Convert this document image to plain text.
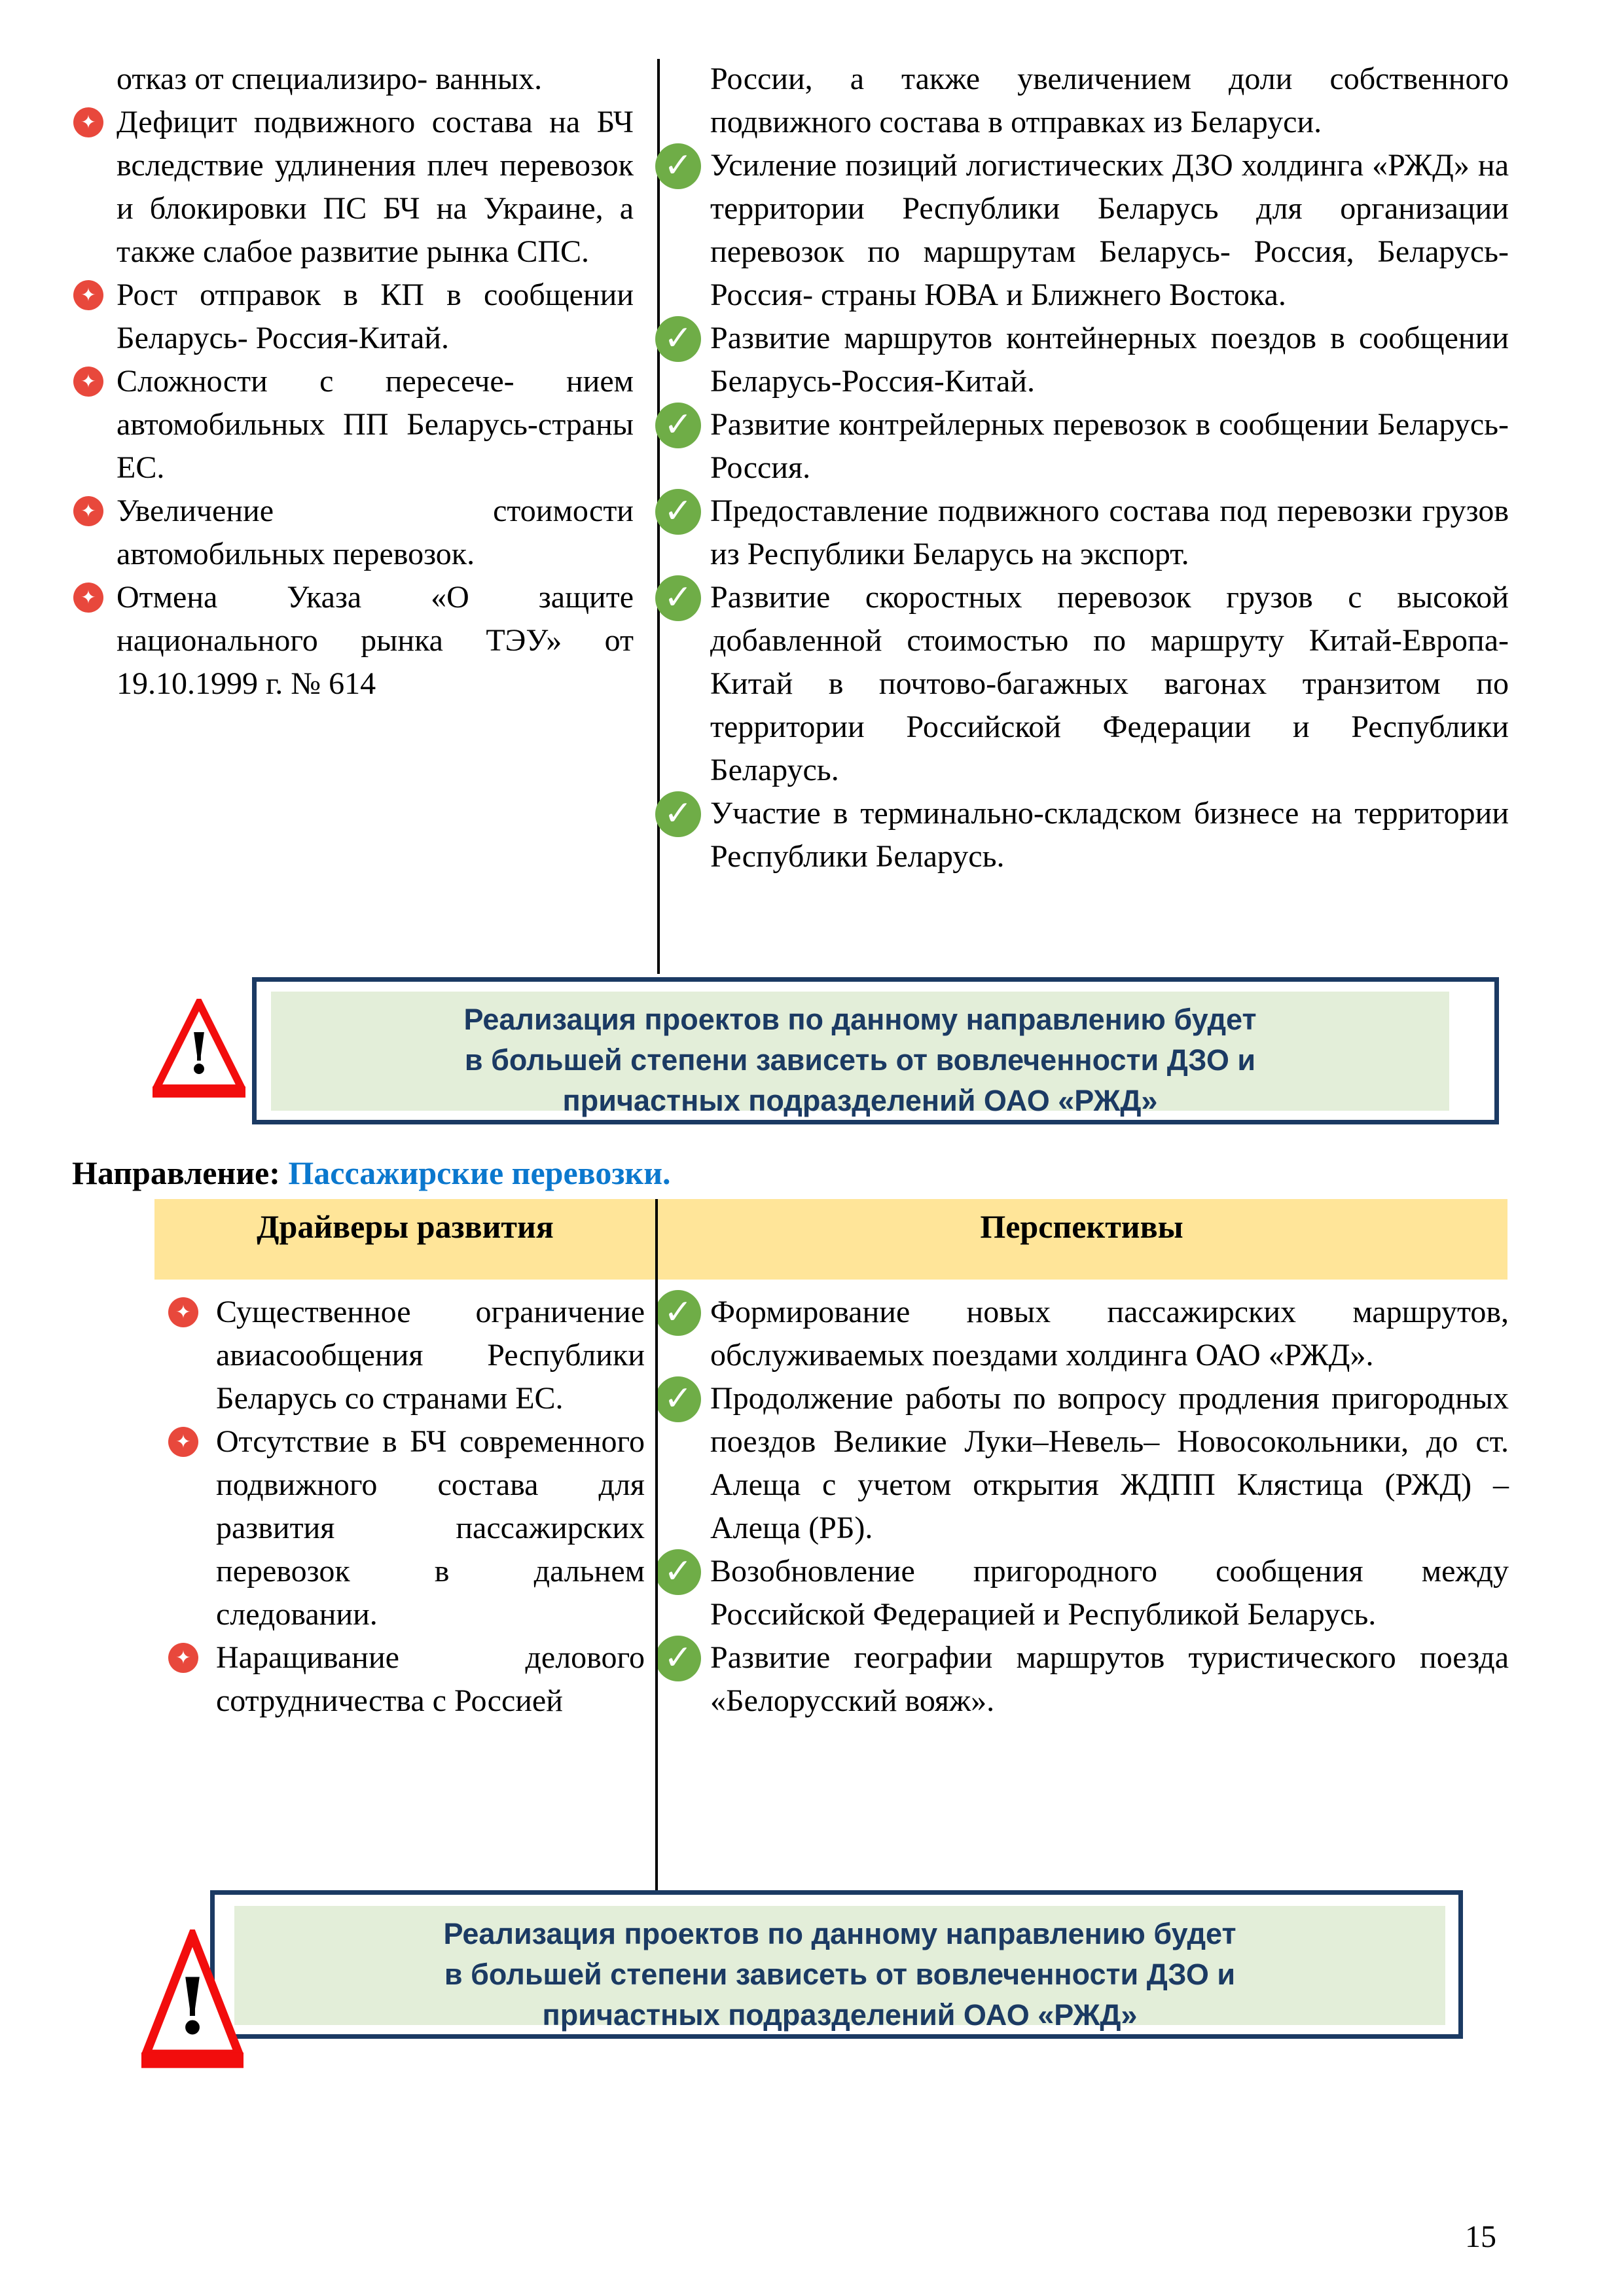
отказ от специализиро- ванных.

✦ Дефицит подвижного состава на БЧ вследствие удлинения плеч перевозок и блокировки ПС БЧ на Украине, а также слабое развитие рынка СПС.
✦ Рост отправок в КП в сообщении Беларусь- Россия-Китай.
✦ Сложности с пересече- нием автомобильных ПП Беларусь-страны ЕС.
✦ Увеличение стоимости автомобильных перевозок.
✦ Отмена Указа «О защите национального рынка ТЭУ» от 19.10.1999 г. № 614

России, а также увеличением доли собственного подвижного состава в отправках из Беларуси.

✓ Усиление позиций логистических ДЗО холдинга «РЖД» на территории Республики Беларусь для организации перевозок по маршрутам Беларусь- Россия, Беларусь-Россия- страны ЮВА и Ближнего Востока.
✓ Развитие маршрутов контейнерных поездов в сообщении Беларусь-Россия-Китай.
✓ Развитие контрейлерных перевозок в сообщении Беларусь-Россия.
✓ Предоставление подвижного состава под перевозки грузов из Республики Беларусь на экспорт.
✓ Развитие скоростных перевозок грузов с высокой добавленной стоимостью по маршруту Китай-Европа-Китай в почтово-багажных вагонах транзитом по территории Российской Федерации и Республики Беларусь.
✓ Участие в терминально-складском бизнесе на территории Республики Беларусь.

Реализация проектов по данному направлению будет в большей степени зависеть от вовлеченности ДЗО и причастных подразделений ОАО «РЖД»

!
Направление: Пассажирские перевозки.
Драйверы развития	Перспективы
✦ Существенное ограничение авиасообщения Республики Беларусь со странами ЕС.
✦ Отсутствие в БЧ современного подвижного состава для развития пассажирских перевозок в дальнем следовании.
✦ Наращивание делового сотрудничества с Россией
✓ Формирование новых пассажирских маршрутов, обслуживаемых поездами холдинга ОАО «РЖД».
✓ Продолжение работы по вопросу продления пригородных поездов Великие Луки–Невель– Новосокольники, до ст. Алеща с учетом открытия ЖДПП Клястица (РЖД) – Алеща (РБ).
✓ Возобновление пригородного сообщения между Российской Федерацией и Республикой Беларусь.
✓ Развитие географии маршрутов туристического поезда «Белорусский вояж».

Реализация проектов по данному направлению будет в большей степени зависеть от вовлеченности ДЗО и причастных подразделений ОАО «РЖД»

!
15
